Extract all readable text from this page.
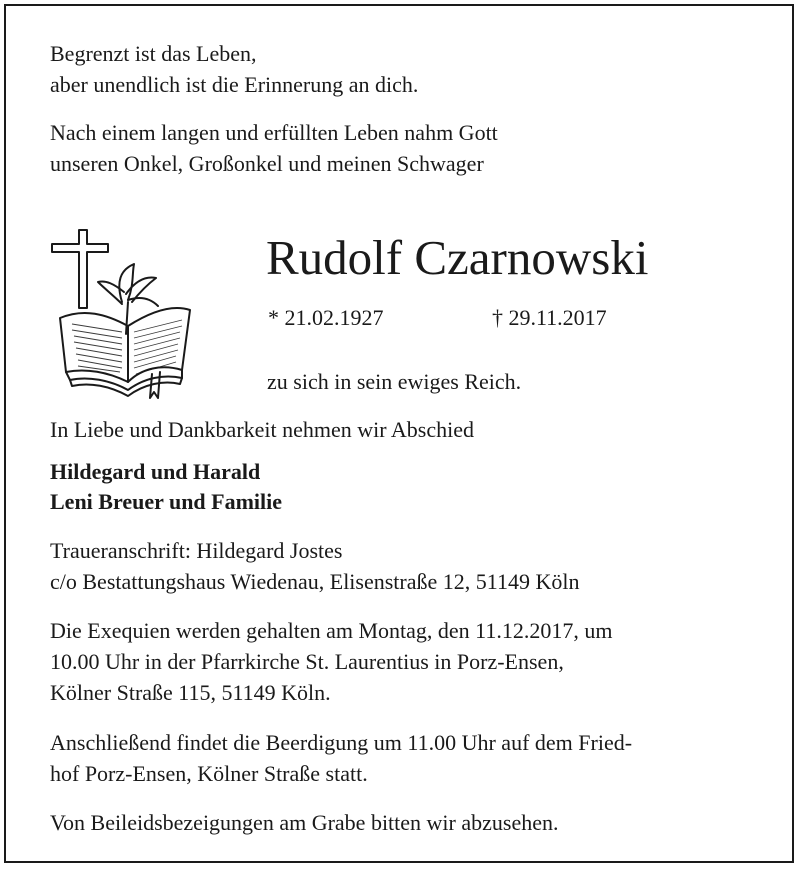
Begrenzt ist das Leben,
aber unendlich ist die Erinnerung an dich.
Nach einem langen und erfüllten Leben nahm Gott
unseren Onkel, Großonkel und meinen Schwager
Rudolf Czarnowski
* 21.02.1927	† 29.11.2017
zu sich in sein ewiges Reich.
In Liebe und Dankbarkeit nehmen wir Abschied
Hildegard und Harald
Leni Breuer und Familie
Traueranschrift: Hildegard Jostes
c/o Bestattungshaus Wiedenau, Elisenstraße 12, 51149 Köln
Die Exequien werden gehalten am Montag, den 11.12.2017, um
10.00 Uhr in der Pfarrkirche St. Laurentius in Porz-Ensen,
Kölner Straße 115, 51149 Köln.
Anschließend findet die Beerdigung um 11.00 Uhr auf dem Fried-
hof Porz-Ensen, Kölner Straße statt.
Von Beileidsbezeigungen am Grabe bitten wir abzusehen.
